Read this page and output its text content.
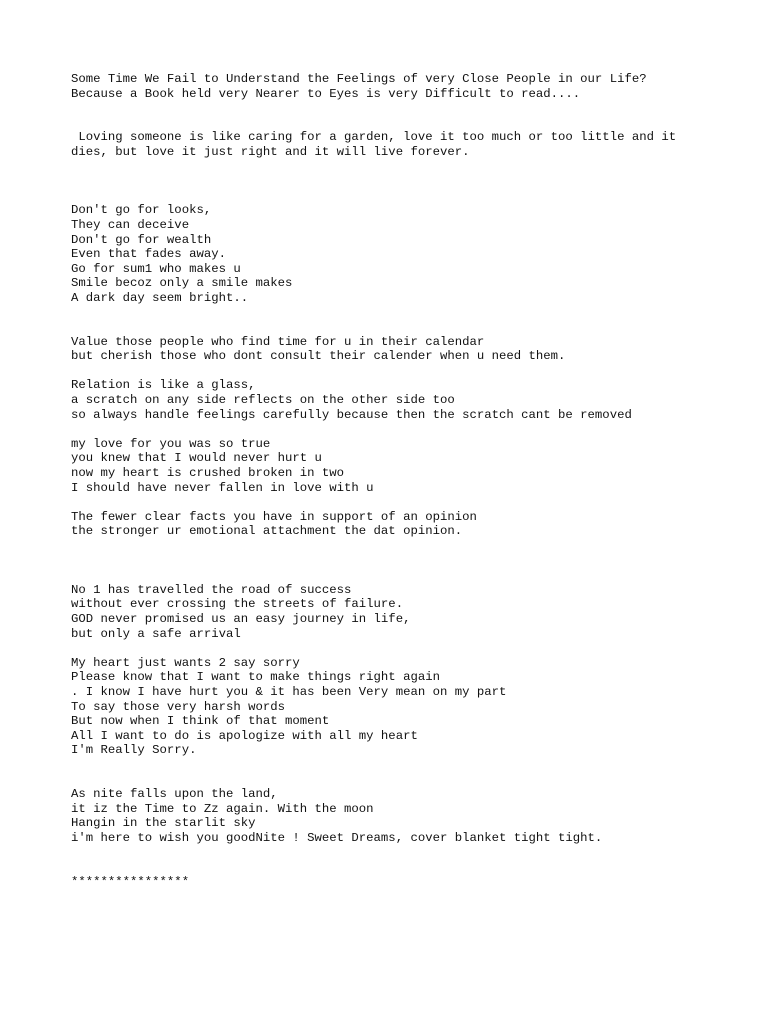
Some Time We Fail to Understand the Feelings of very Close People in our Life?
Because a Book held very Nearer to Eyes is very Difficult to read....
Loving someone is like caring for a garden, love it too much or too little and it
dies, but love it just right and it will live forever.
Don't go for looks,
They can deceive
Don't go for wealth
Even that fades away.
Go for sum1 who makes u
Smile becoz only a smile makes
A dark day seem bright..
Value those people who find time for u in their calendar
but cherish those who dont consult their calender when u need them.
Relation is like a glass,
a scratch on any side reflects on the other side too
so always handle feelings carefully because then the scratch cant be removed
my love for you was so true
you knew that I would never hurt u
now my heart is crushed broken in two
I should have never fallen in love with u
The fewer clear facts you have in support of an opinion
the stronger ur emotional attachment the dat opinion.
No 1 has travelled the road of success
without ever crossing the streets of failure.
GOD never promised us an easy journey in life,
but only a safe arrival
My heart just wants 2 say sorry
Please know that I want to make things right again
. I know I have hurt you & it has been Very mean on my part
To say those very harsh words
But now when I think of that moment
All I want to do is apologize with all my heart
I'm Really Sorry.
As nite falls upon the land,
it iz the Time to Zz again. With the moon
Hangin in the starlit sky
i'm here to wish you goodNite ! Sweet Dreams, cover blanket tight tight.
****************
